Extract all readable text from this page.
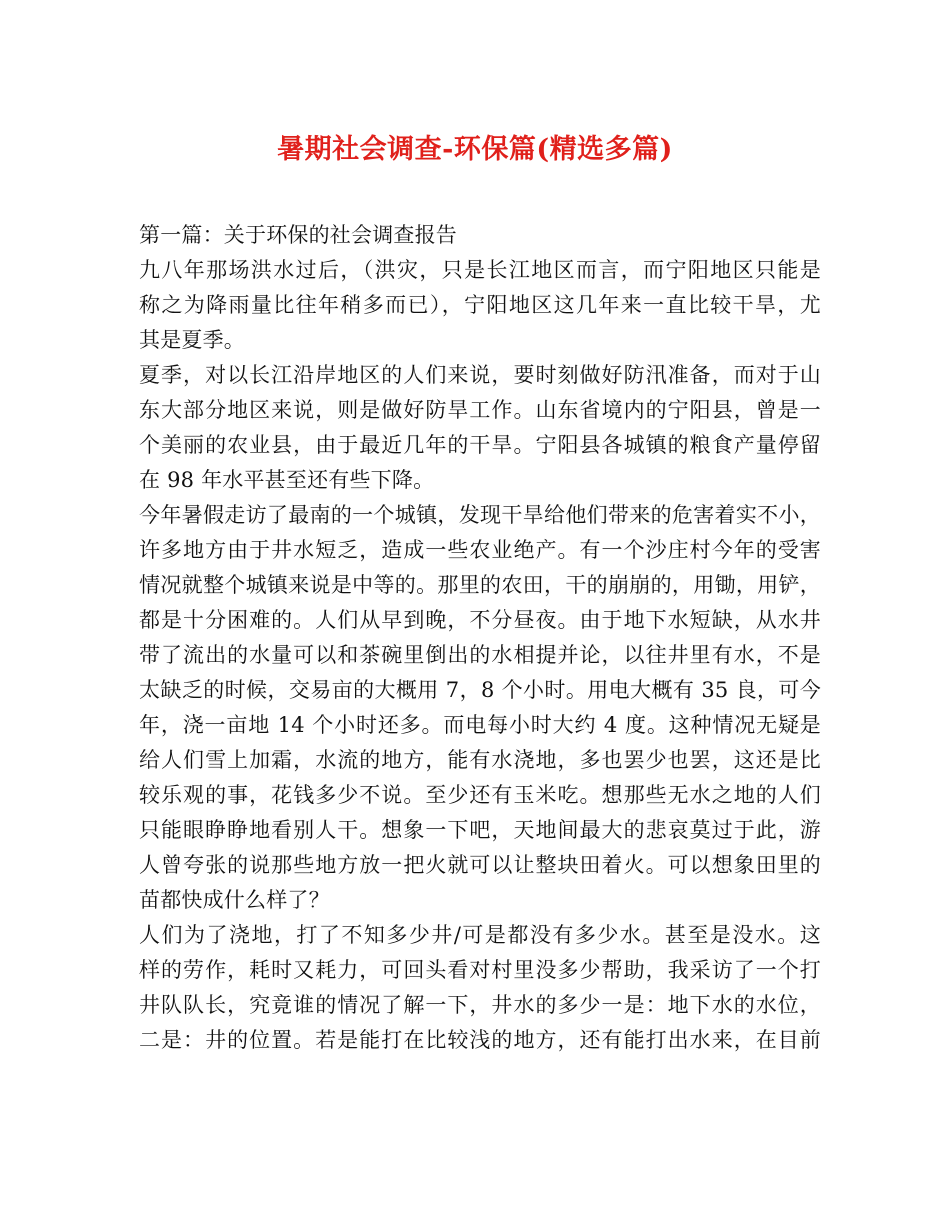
暑期社会调查-环保篇(精选多篇)
第一篇：关于环保的社会调查报告
九八年那场洪水过后，（洪灾，只是长江地区而言，而宁阳地区只能是
称之为降雨量比往年稍多而已），宁阳地区这几年来一直比较干旱，尤
其是夏季。
夏季，对以长江沿岸地区的人们来说，要时刻做好防汛准备，而对于山
东大部分地区来说，则是做好防旱工作。山东省境内的宁阳县，曾是一
个美丽的农业县，由于最近几年的干旱。宁阳县各城镇的粮食产量停留
在 98 年水平甚至还有些下降。
今年暑假走访了最南的一个城镇，发现干旱给他们带来的危害着实不小，
许多地方由于井水短乏，造成一些农业绝产。有一个沙庄村今年的受害
情况就整个城镇来说是中等的。那里的农田，干的崩崩的，用锄，用铲，
都是十分困难的。人们从早到晚，不分昼夜。由于地下水短缺，从水井
带了流出的水量可以和茶碗里倒出的水相提并论，以往井里有水，不是
太缺乏的时候，交易亩的大概用 7，8 个小时。用电大概有 35 良，可今
年，浇一亩地 14 个小时还多。而电每小时大约 4 度。这种情况无疑是
给人们雪上加霜，水流的地方，能有水浇地，多也罢少也罢，这还是比
较乐观的事，花钱多少不说。至少还有玉米吃。想那些无水之地的人们
只能眼睁睁地看别人干。想象一下吧，天地间最大的悲哀莫过于此，游
人曾夸张的说那些地方放一把火就可以让整块田着火。可以想象田里的
苗都快成什么样了？
人们为了浇地，打了不知多少井/可是都没有多少水。甚至是没水。这
样的劳作，耗时又耗力，可回头看对村里没多少帮助，我采访了一个打
井队队长，究竟谁的情况了解一下，井水的多少一是：地下水的水位，
二是：井的位置。若是能打在比较浅的地方，还有能打出水来，在目前
